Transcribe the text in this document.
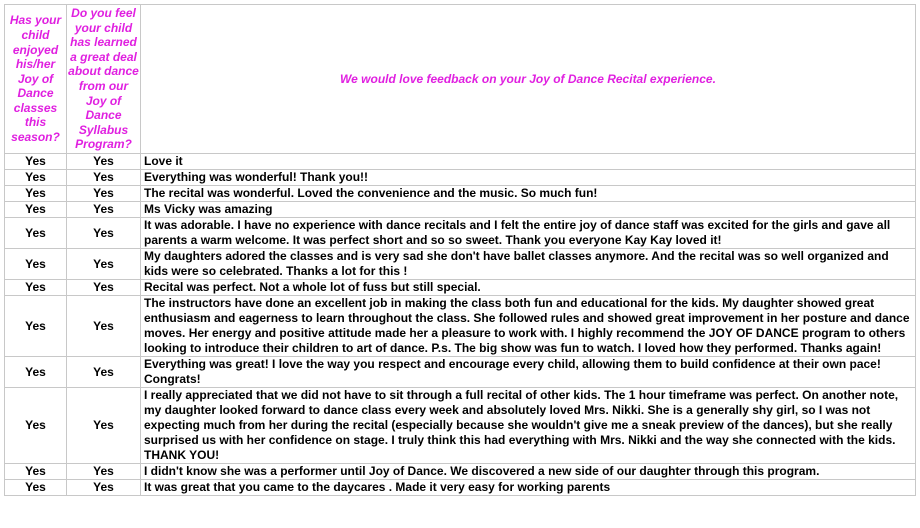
Has your child enjoyed his/her Joy of Dance classes this season?	Do you feel your child has learned a great deal about dance from our Joy of Dance Syllabus Program?	We would love feedback on your Joy of Dance Recital experience.
Yes	Yes	Love it
Yes	Yes	Everything was wonderful! Thank you!!
Yes	Yes	The recital was wonderful. Loved the convenience and the music. So much fun!
Yes	Yes	Ms Vicky was amazing
Yes	Yes	It was adorable. I have no experience with dance recitals and I felt the entire joy of dance staff was excited for the girls and gave all parents a warm welcome. It was perfect short and so so sweet. Thank you everyone Kay Kay loved it!
Yes	Yes	My daughters adored the classes and is very sad she don't have ballet classes anymore. And the recital was so well organized and kids were so celebrated. Thanks a lot for this !
Yes	Yes	Recital was perfect. Not a whole lot of fuss but still special.
Yes	Yes	The instructors have done an excellent job in making the class both fun and educational for the kids. My daughter showed great enthusiasm and eagerness to learn throughout the class. She followed rules and showed great improvement in her posture and dance moves. Her energy and positive attitude made her a pleasure to work with. I highly recommend the JOY OF DANCE program to others looking to introduce their children to art of dance. P.s. The big show was fun to watch. I loved how they performed. Thanks again!
Yes	Yes	Everything was great! I love the way you respect and encourage every child, allowing them to build confidence at their own pace! Congrats!
Yes	Yes	I really appreciated that we did not have to sit through a full recital of other kids. The 1 hour timeframe was perfect. On another note, my daughter looked forward to dance class every week and absolutely loved Mrs. Nikki. She is a generally shy girl, so I was not expecting much from her during the recital (especially because she wouldn't give me a sneak preview of the dances), but she really surprised us with her confidence on stage. I truly think this had everything with Mrs. Nikki and the way she connected with the kids. THANK YOU!
Yes	Yes	I didn't know she was a performer until Joy of Dance. We discovered a new side of our daughter through this program.
Yes	Yes	It was great that you came to the daycares . Made it very easy for working parents
